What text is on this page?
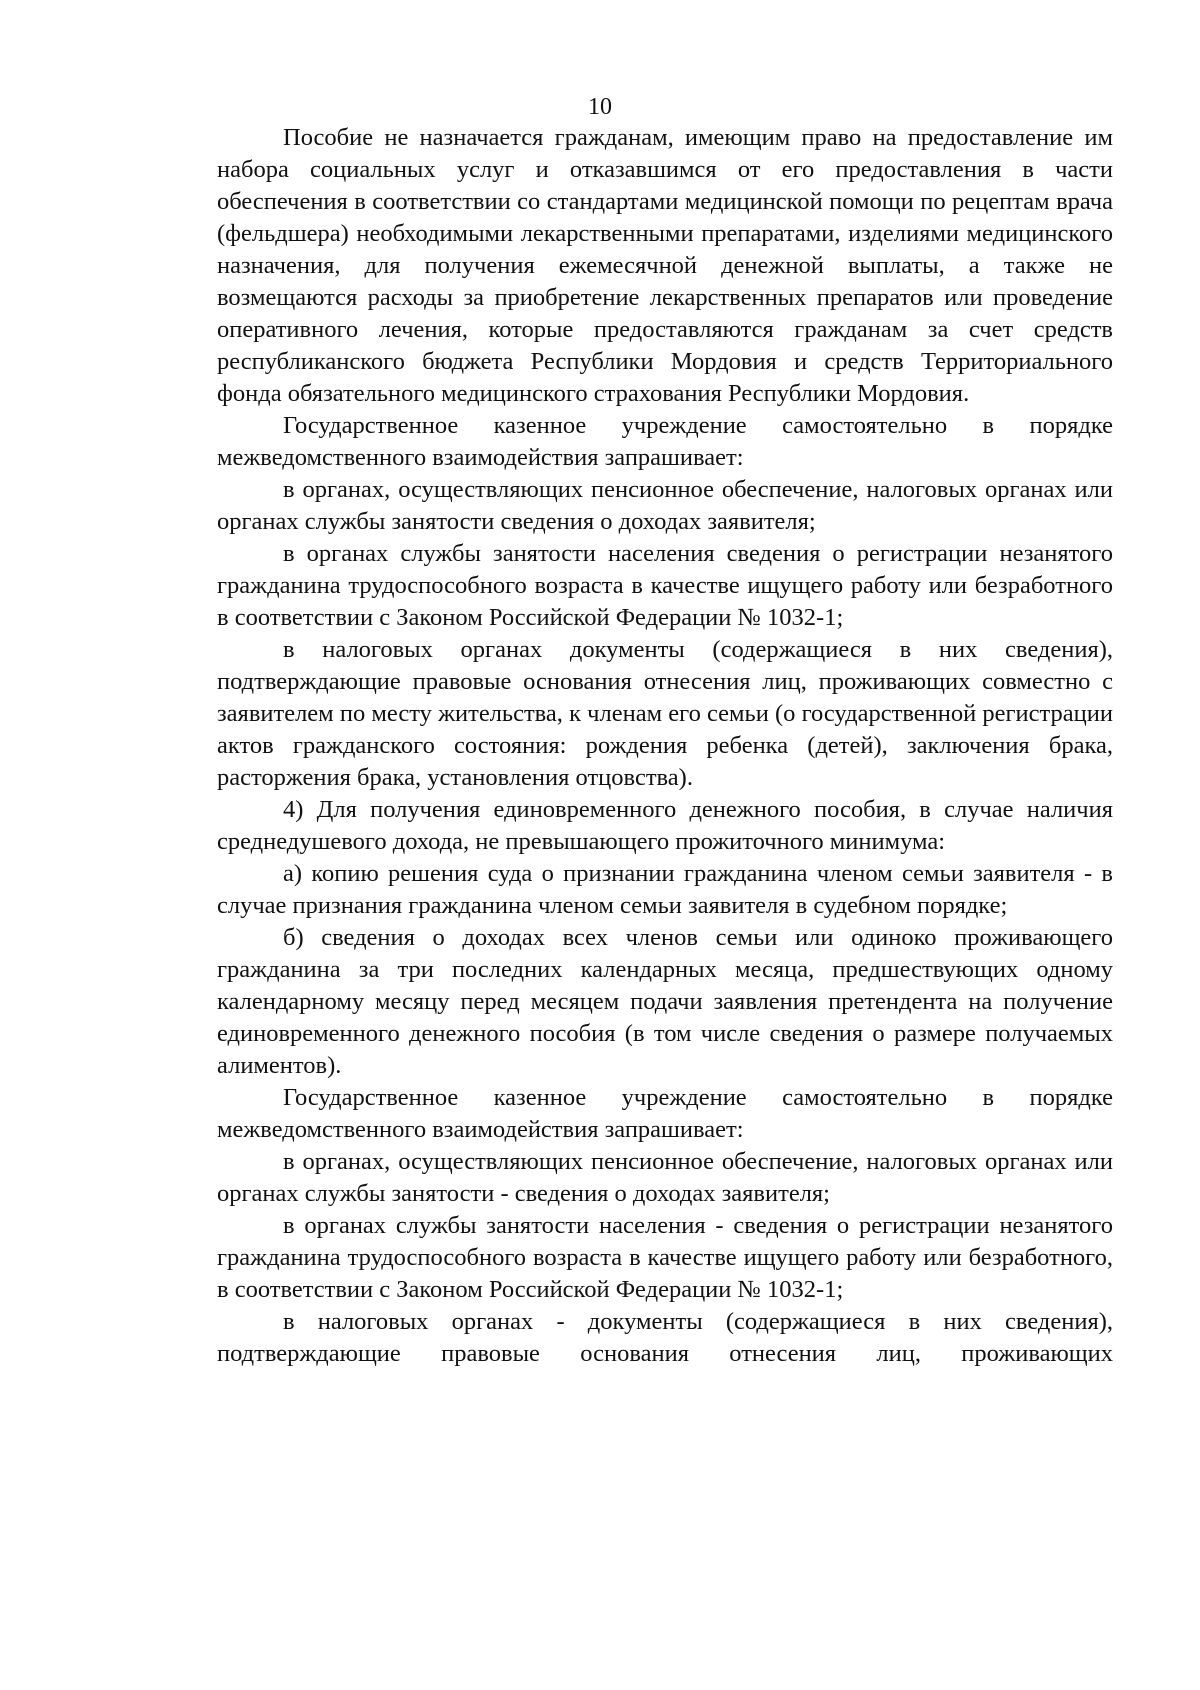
10

Пособие не назначается гражданам, имеющим право на предоставление им набора социальных услуг и отказавшимся от его предоставления в части обеспечения в соответствии со стандартами медицинской помощи по рецептам врача (фельдшера) необходимыми лекарственными препаратами, изделиями медицинского назначения, для получения ежемесячной денежной выплаты, а также не возмещаются расходы за приобретение лекарственных препаратов или проведение оперативного лечения, которые предоставляются гражданам за счет средств республиканского бюджета Республики Мордовия и средств Территориального фонда обязательного медицинского страхования Республики Мордовия.

Государственное казенное учреждение самостоятельно в порядке межведомственного взаимодействия запрашивает:

в органах, осуществляющих пенсионное обеспечение, налоговых органах или органах службы занятости сведения о доходах заявителя;

в органах службы занятости населения сведения о регистрации незанятого гражданина трудоспособного возраста в качестве ищущего работу или безработного в соответствии с Законом Российской Федерации № 1032-1;

в налоговых органах документы (содержащиеся в них сведения), подтверждающие правовые основания отнесения лиц, проживающих совместно с заявителем по месту жительства, к членам его семьи (о государственной регистрации актов гражданского состояния: рождения ребенка (детей), заключения брака, расторжения брака, установления отцовства).

4) Для получения единовременного денежного пособия, в случае наличия среднедушевого дохода, не превышающего прожиточного минимума:

а) копию решения суда о признании гражданина членом семьи заявителя - в случае признания гражданина членом семьи заявителя в судебном порядке;

б) сведения о доходах всех членов семьи или одиноко проживающего гражданина за три последних календарных месяца, предшествующих одному календарному месяцу перед месяцем подачи заявления претендента на получение единовременного денежного пособия (в том числе сведения о размере получаемых алиментов).

Государственное казенное учреждение самостоятельно в порядке межведомственного взаимодействия запрашивает:

в органах, осуществляющих пенсионное обеспечение, налоговых органах или органах службы занятости - сведения о доходах заявителя;

в органах службы занятости населения - сведения о регистрации незанятого гражданина трудоспособного возраста в качестве ищущего работу или безработного, в соответствии с Законом Российской Федерации № 1032-1;

в налоговых органах - документы (содержащиеся в них сведения), подтверждающие правовые основания отнесения лиц, проживающих
